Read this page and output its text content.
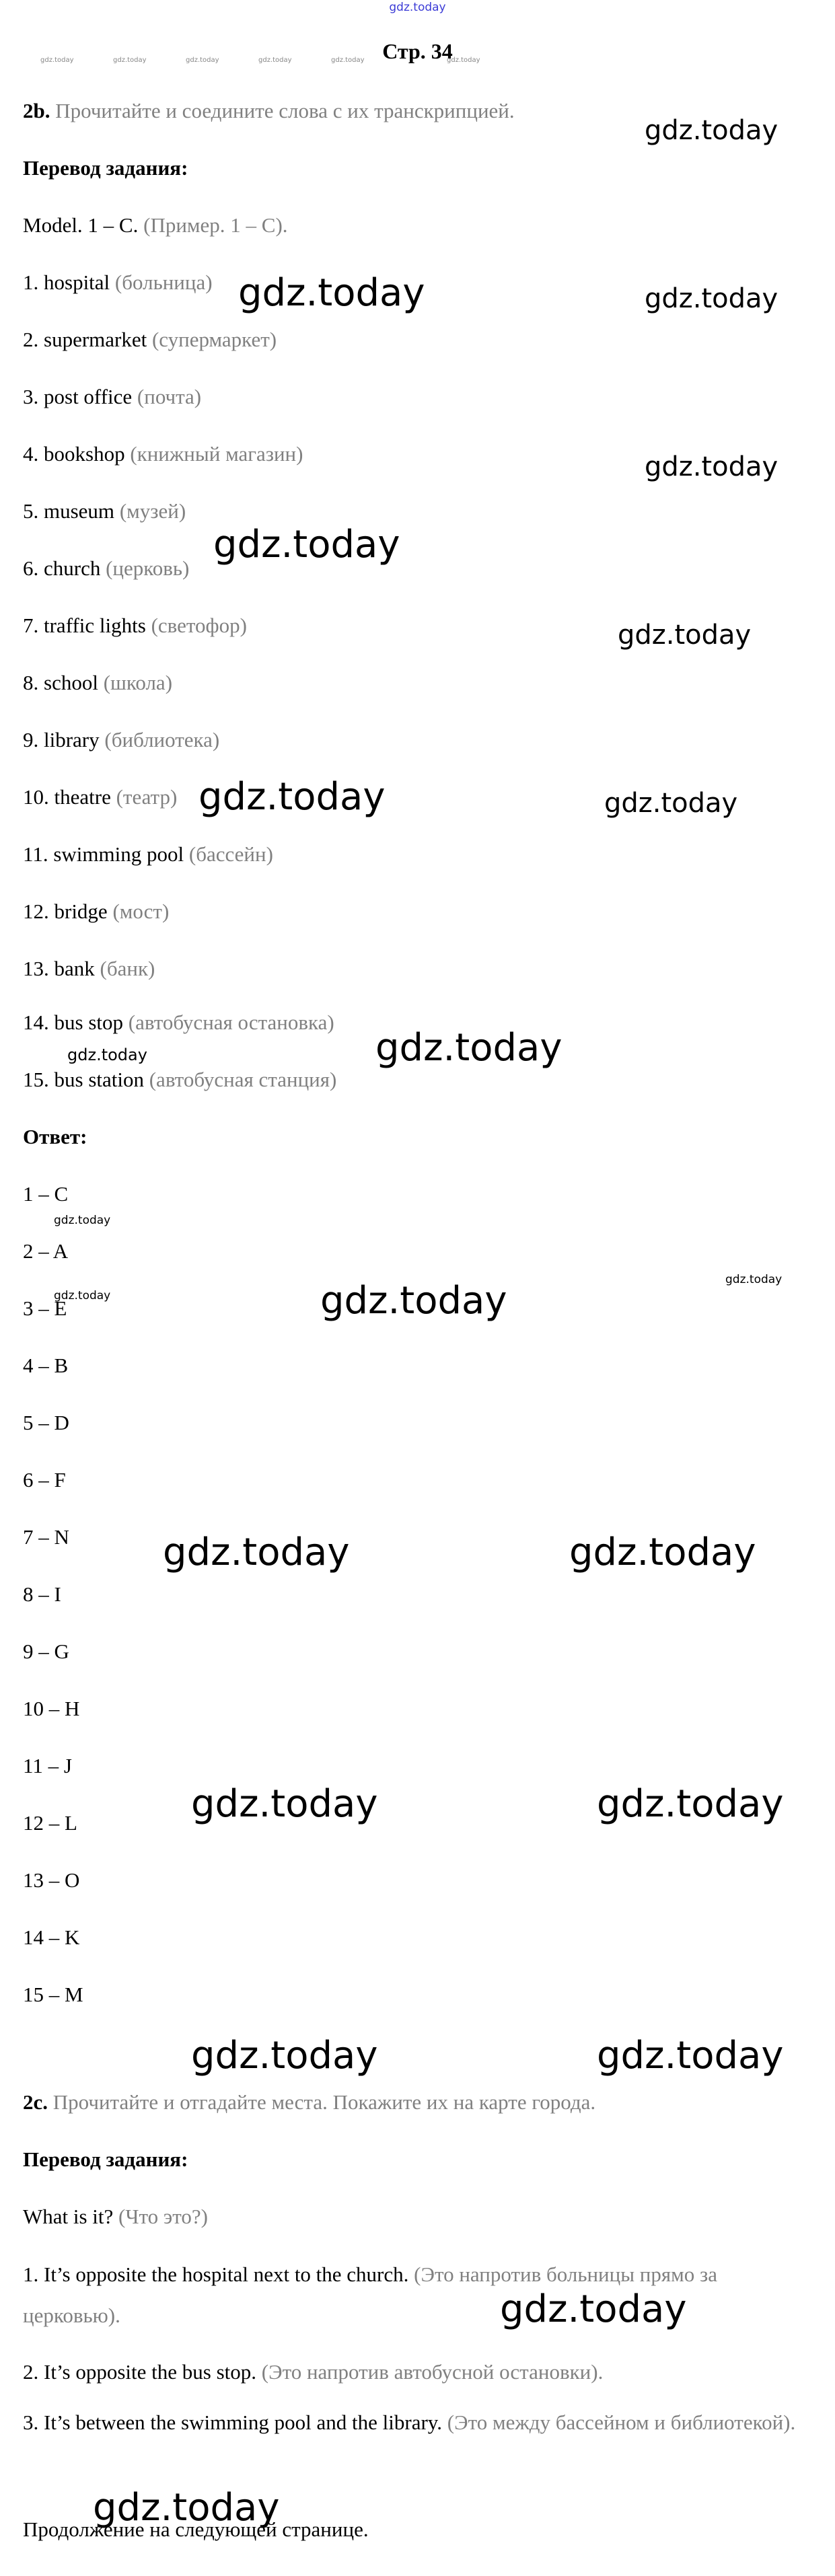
gdz.today
Стр. 34
gdz.today	gdz.today	gdz.today	gdz.today	gdz.today	gdz.today
2b. Прочитайте и соедините слова с их транскрипцией.
Перевод задания:
Model. 1 – C. (Пример. 1 – C).
1. hospital (больница)
2. supermarket (супермаркет)
3. post office (почта)
4. bookshop (книжный магазин)
5. museum (музей)
6. church (церковь)
7. traffic lights (светофор)
8. school (школа)
9. library (библиотека)
10. theatre (театр)
11. swimming pool (бассейн)
12. bridge (мост)
13. bank (банк)
14. bus stop (автобусная остановка)
15. bus station (автобусная станция)
Ответ:
1 – C
2 – A
3 – E
4 – B
5 – D
6 – F
7 – N
8 – I
9 – G
10 – H
11 – J
12 – L
13 – O
14 – K
15 – M
2c. Прочитайте и отгадайте места. Покажите их на карте города.
Перевод задания:
What is it? (Что это?)
1. It’s opposite the hospital next to the church. (Это напротив больницы прямо за церковью).
2. It’s opposite the bus stop. (Это напротив автобусной остановки).
3. It’s between the swimming pool and the library. (Это между бассейном и библиотекой).
Продолжение на следующей странице.
gdz.today
gdz.today	gdz.today
gdz.today
gdz.today
gdz.today
gdz.today	gdz.today
gdz.today
gdz.today
gdz.today
gdz.today
gdz.today
gdz.today
gdz.today	gdz.today
gdz.today	gdz.today
gdz.today	gdz.today
gdz.today
gdz.today
